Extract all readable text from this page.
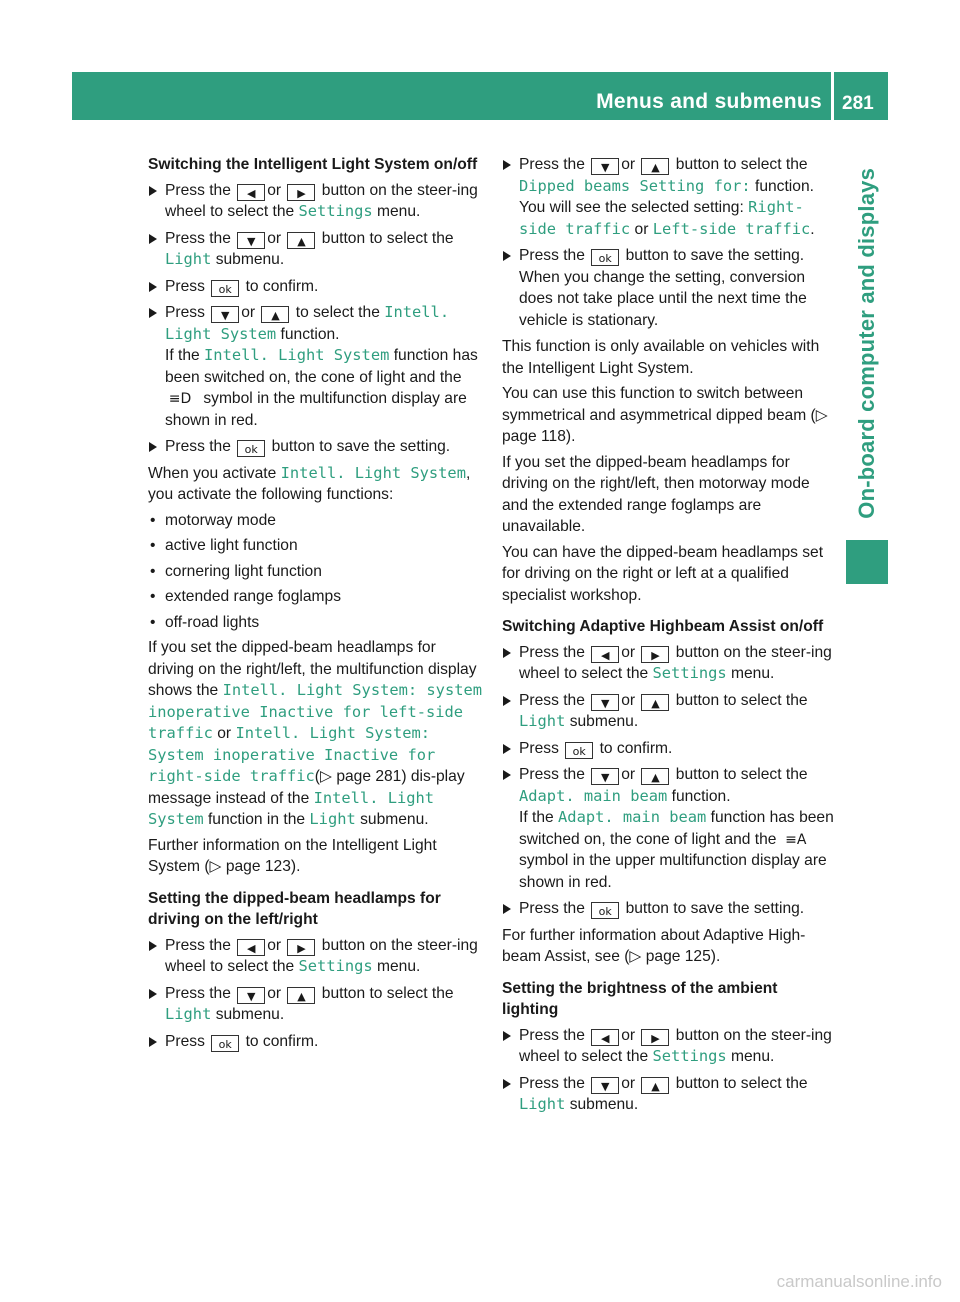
Menus and submenus 281
On-board computer and displays
Switching the Intelligent Light System on/off
Press the ◀ or ▶ button on the steer-ing wheel to select the Settings menu.
Press the ▼ or ▲ button to select the Light submenu.
Press ok to confirm.
Press ▼ or ▲ to select the Intell. Light System function.
If the Intell. Light System function has been switched on, the cone of light and the ≡D symbol in the multifunction display are shown in red.
Press the ok button to save the setting.
When you activate Intell. Light System, you activate the following functions:
• motorway mode
• active light function
• cornering light function
• extended range foglamps
• off-road lights
If you set the dipped-beam headlamps for driving on the right/left, the multifunction display shows the Intell. Light System: system inoperative Inactive for left-side traffic or Intell. Light System: System inoperative Inactive for right-side traffic(▷ page 281) dis-play message instead of the Intell. Light System function in the Light submenu.
Further information on the Intelligent Light System (▷ page 123).
Setting the dipped-beam headlamps for driving on the left/right
Press the ◀ or ▶ button on the steer-ing wheel to select the Settings menu.
Press the ▼ or ▲ button to select the Light submenu.
Press ok to confirm.
Press the ▼ or ▲ button to select the Dipped beams Setting for: function.
You will see the selected setting: Right-side traffic or Left-side traffic.
Press the ok button to save the setting. When you change the setting, conversion does not take place until the next time the vehicle is stationary.
This function is only available on vehicles with the Intelligent Light System.
You can use this function to switch between symmetrical and asymmetrical dipped beam (▷ page 118).
If you set the dipped-beam headlamps for driving on the right/left, then motorway mode and the extended range foglamps are unavailable.
You can have the dipped-beam headlamps set for driving on the right or left at a qualified specialist workshop.
Switching Adaptive Highbeam Assist on/off
Press the ◀ or ▶ button on the steer-ing wheel to select the Settings menu.
Press the ▼ or ▲ button to select the Light submenu.
Press ok to confirm.
Press the ▼ or ▲ button to select the Adapt. main beam function.
If the Adapt. main beam function has been switched on, the cone of light and the ≡A symbol in the upper multifunction display are shown in red.
Press the ok button to save the setting.
For further information about Adaptive High-beam Assist, see (▷ page 125).
Setting the brightness of the ambient lighting
Press the ◀ or ▶ button on the steer-ing wheel to select the Settings menu.
Press the ▼ or ▲ button to select the Light submenu.
carmanualsonline.info
